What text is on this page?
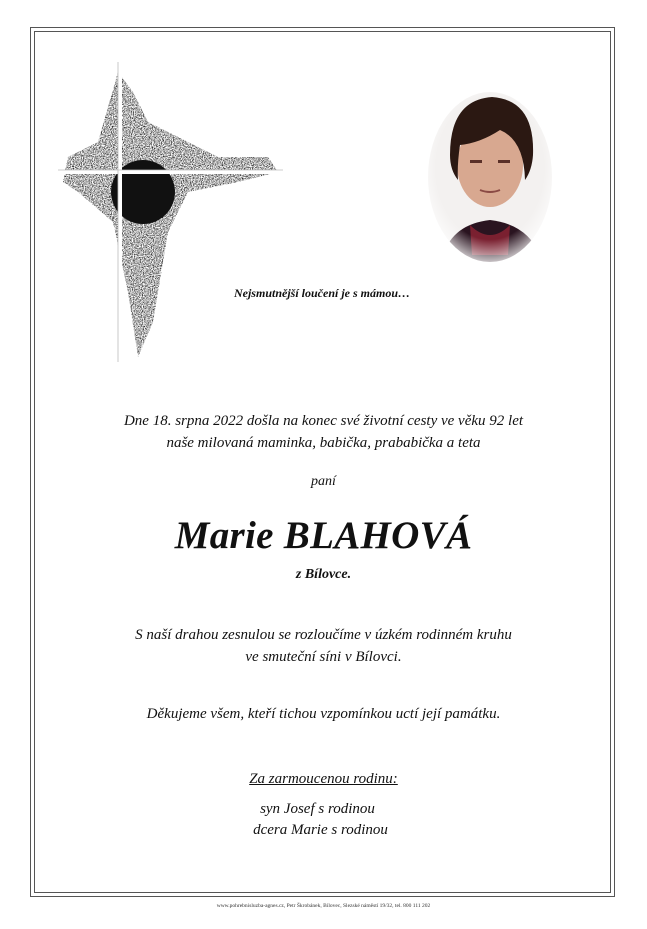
Nejsmutnější loučení je s mámou…
Dne 18. srpna 2022 došla na konec své životní cesty ve věku 92 let
naše milovaná maminka, babička, prababička a teta
paní
Marie BLAHOVÁ
z Bílovce.
S naší drahou zesnulou se rozloučíme v úzkém rodinném kruhu
ve smuteční síni v Bílovci.
Děkujeme všem, kteří tichou vzpomínkou uctí její památku.
Za zarmoucenou rodinu:
syn Josef s rodinou
dcera Marie s rodinou
www.pohrebnisluzba-agnes.cz, Petr Škrobánek, Bílovec, Slezské náměstí 19/32, tel. 800 111 202
